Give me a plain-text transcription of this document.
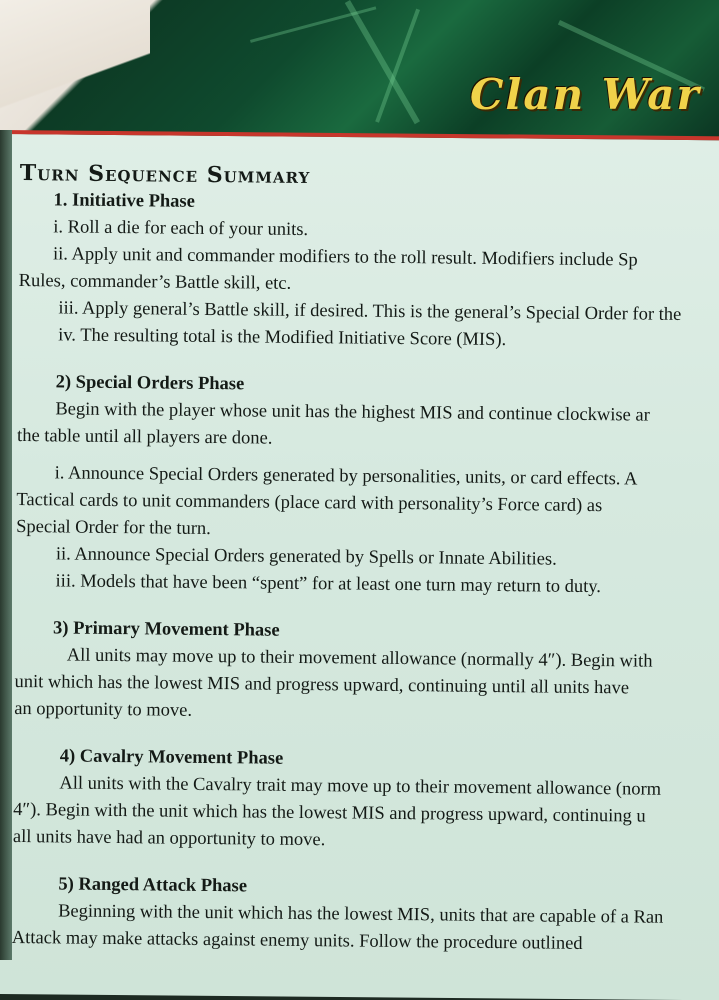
Clan War
Turn Sequence Summary
1. Initiative Phase
i. Roll a die for each of your units.
ii. Apply unit and commander modifiers to the roll result. Modifiers include Sp
Rules, commander’s Battle skill, etc.
iii. Apply general’s Battle skill, if desired. This is the general’s Special Order for the
iv. The resulting total is the Modified Initiative Score (MIS).
2) Special Orders Phase
Begin with the player whose unit has the highest MIS and continue clockwise ar
the table until all players are done.
i. Announce Special Orders generated by personalities, units, or card effects. A
Tactical cards to unit commanders (place card with personality’s Force card) as
Special Order for the turn.
ii. Announce Special Orders generated by Spells or Innate Abilities.
iii. Models that have been “spent” for at least one turn may return to duty.
3) Primary Movement Phase
All units may move up to their movement allowance (normally 4″). Begin with
unit which has the lowest MIS and progress upward, continuing until all units have
an opportunity to move.
4) Cavalry Movement Phase
All units with the Cavalry trait may move up to their movement allowance (norm
4″). Begin with the unit which has the lowest MIS and progress upward, continuing u
all units have had an opportunity to move.
5) Ranged Attack Phase
Beginning with the unit which has the lowest MIS, units that are capable of a Ran
Attack may make attacks against enemy units. Follow the procedure outlined
